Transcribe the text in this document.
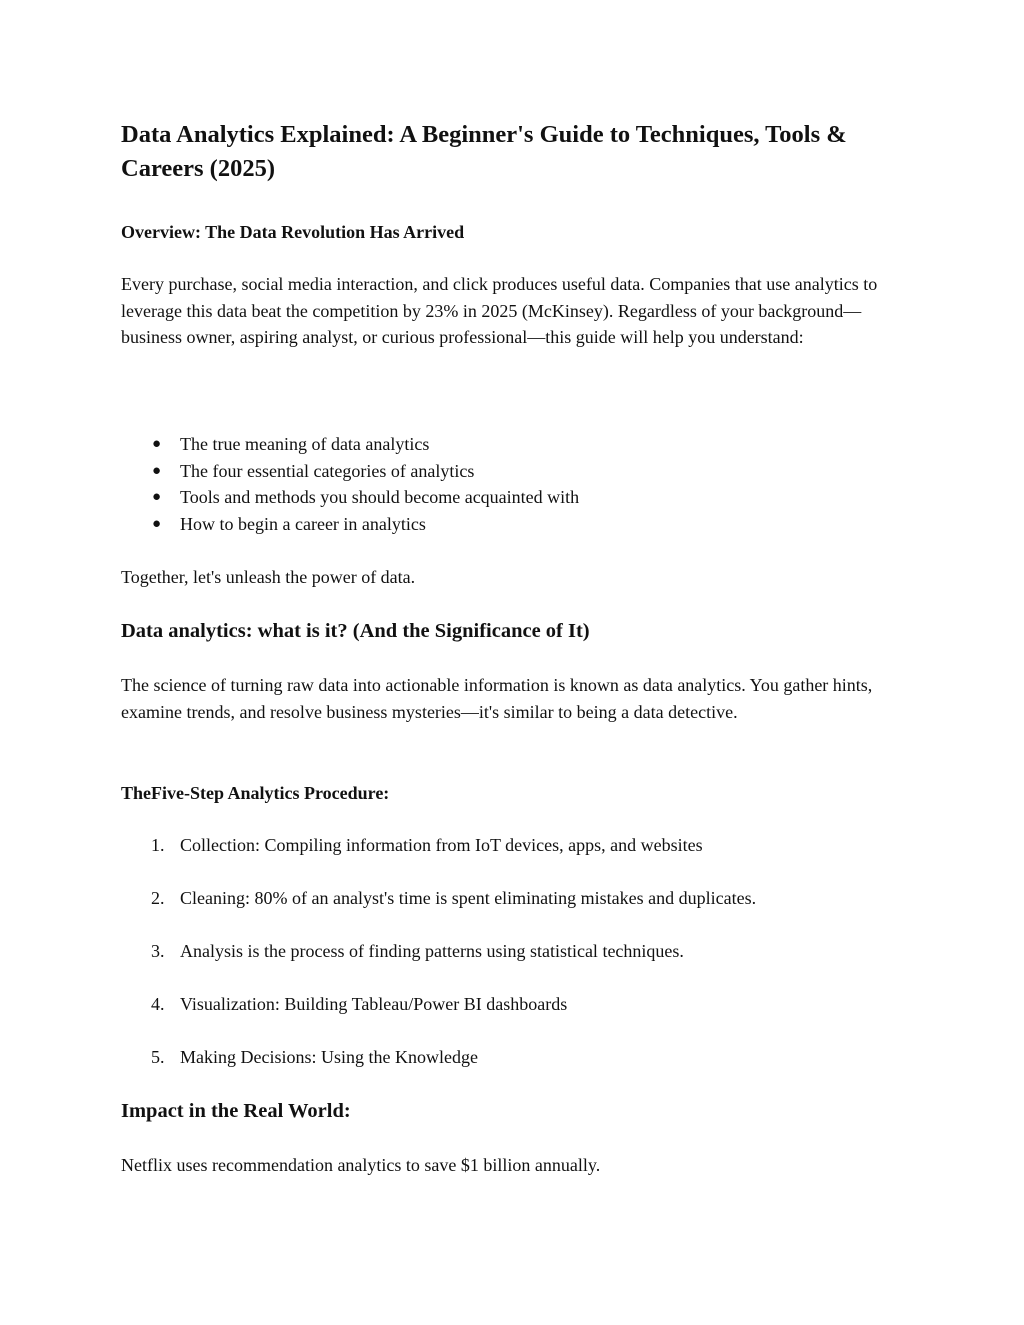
Data Analytics Explained: A Beginner's Guide to Techniques, Tools & Careers (2025)
Overview: The Data Revolution Has Arrived

Every purchase, social media interaction, and click produces useful data. Companies that use analytics to leverage this data beat the competition by 23% in 2025 (McKinsey). Regardless of your background—business owner, aspiring analyst, or curious professional—this guide will help you understand:

● The true meaning of data analytics
● The four essential categories of analytics
● Tools and methods you should become acquainted with
● How to begin a career in analytics

Together, let's unleash the power of data.

Data analytics: what is it? (And the Significance of It)

The science of turning raw data into actionable information is known as data analytics. You gather hints, examine trends, and resolve business mysteries—it's similar to being a data detective.

TheFive-Step Analytics Procedure:
1. Collection: Compiling information from IoT devices, apps, and websites
2. Cleaning: 80% of an analyst's time is spent eliminating mistakes and duplicates.
3. Analysis is the process of finding patterns using statistical techniques.
4. Visualization: Building Tableau/Power BI dashboards
5. Making Decisions: Using the Knowledge
Impact in the Real World:

Netflix uses recommendation analytics to save $1 billion annually.
